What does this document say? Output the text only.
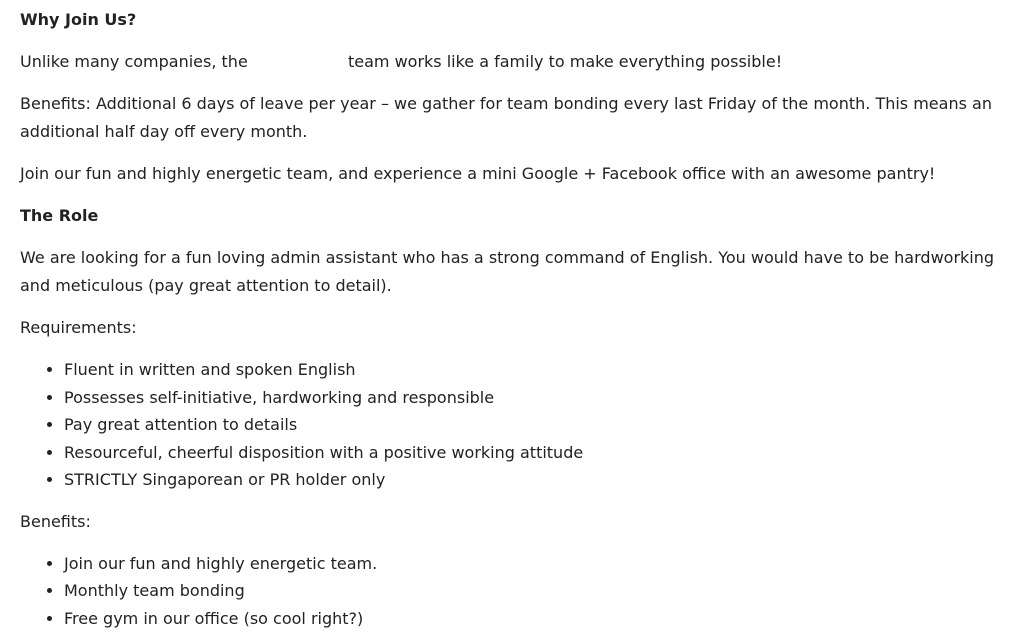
Why Join Us?

Unlike many companies, the	team works like a family to make everything possible!

Benefits: Additional 6 days of leave per year – we gather for team bonding every last Friday of the month. This means an additional half day off every month.

Join our fun and highly energetic team, and experience a mini Google + Facebook office with an awesome pantry!

The Role

We are looking for a fun loving admin assistant who has a strong command of English. You would have to be hardworking and meticulous (pay great attention to detail).

Requirements:

• Fluent in written and spoken English
• Possesses self-initiative, hardworking and responsible
• Pay great attention to details
• Resourceful, cheerful disposition with a positive working attitude
• STRICTLY Singaporean or PR holder only

Benefits:

• Join our fun and highly energetic team.
• Monthly team bonding
• Free gym in our office (so cool right?)
